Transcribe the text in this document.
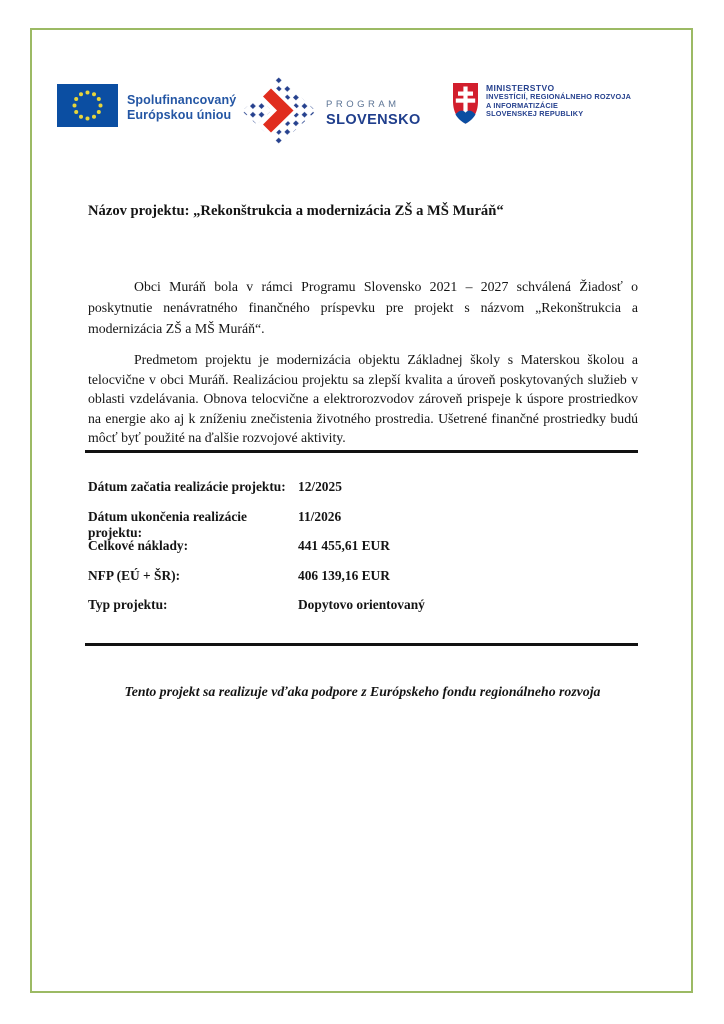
Spolufinancovaný
Európskou úniou
PROGRAM
SLOVENSKO
MINISTERSTVO
INVESTÍCIÍ, REGIONÁLNEHO ROZVOJA
A INFORMATIZÁCIE
SLOVENSKEJ REPUBLIKY
Názov projektu: „Rekonštrukcia a modernizácia ZŠ a MŠ Muráň“
Obci Muráň bola v rámci Programu Slovensko 2021 – 2027 schválená Žiadosť o poskytnutie nenávratného finančného príspevku pre projekt s názvom „Rekonštrukcia a modernizácia ZŠ a MŠ Muráň“.
Predmetom projektu je modernizácia objektu Základnej školy s Materskou školou a telocvične v obci Muráň. Realizáciou projektu sa zlepší kvalita a úroveň poskytovaných služieb v oblasti vzdelávania. Obnova telocvične a elektrorozvodov zároveň prispeje k úspore prostriedkov na energie ako aj k zníženiu znečistenia životného prostredia. Ušetrené finančné prostriedky budú môcť byť použité na ďalšie rozvojové aktivity.
Dátum začatia realizácie projektu: 12/2025
Dátum ukončenia realizácie projektu:
11/2026
Celkové náklady:	441 455,61 EUR
NFP (EÚ + ŠR):	406 139,16 EUR
Typ projektu:	Dopytovo orientovaný
Tento projekt sa realizuje vďaka podpore z Európskeho fondu regionálneho rozvoja
